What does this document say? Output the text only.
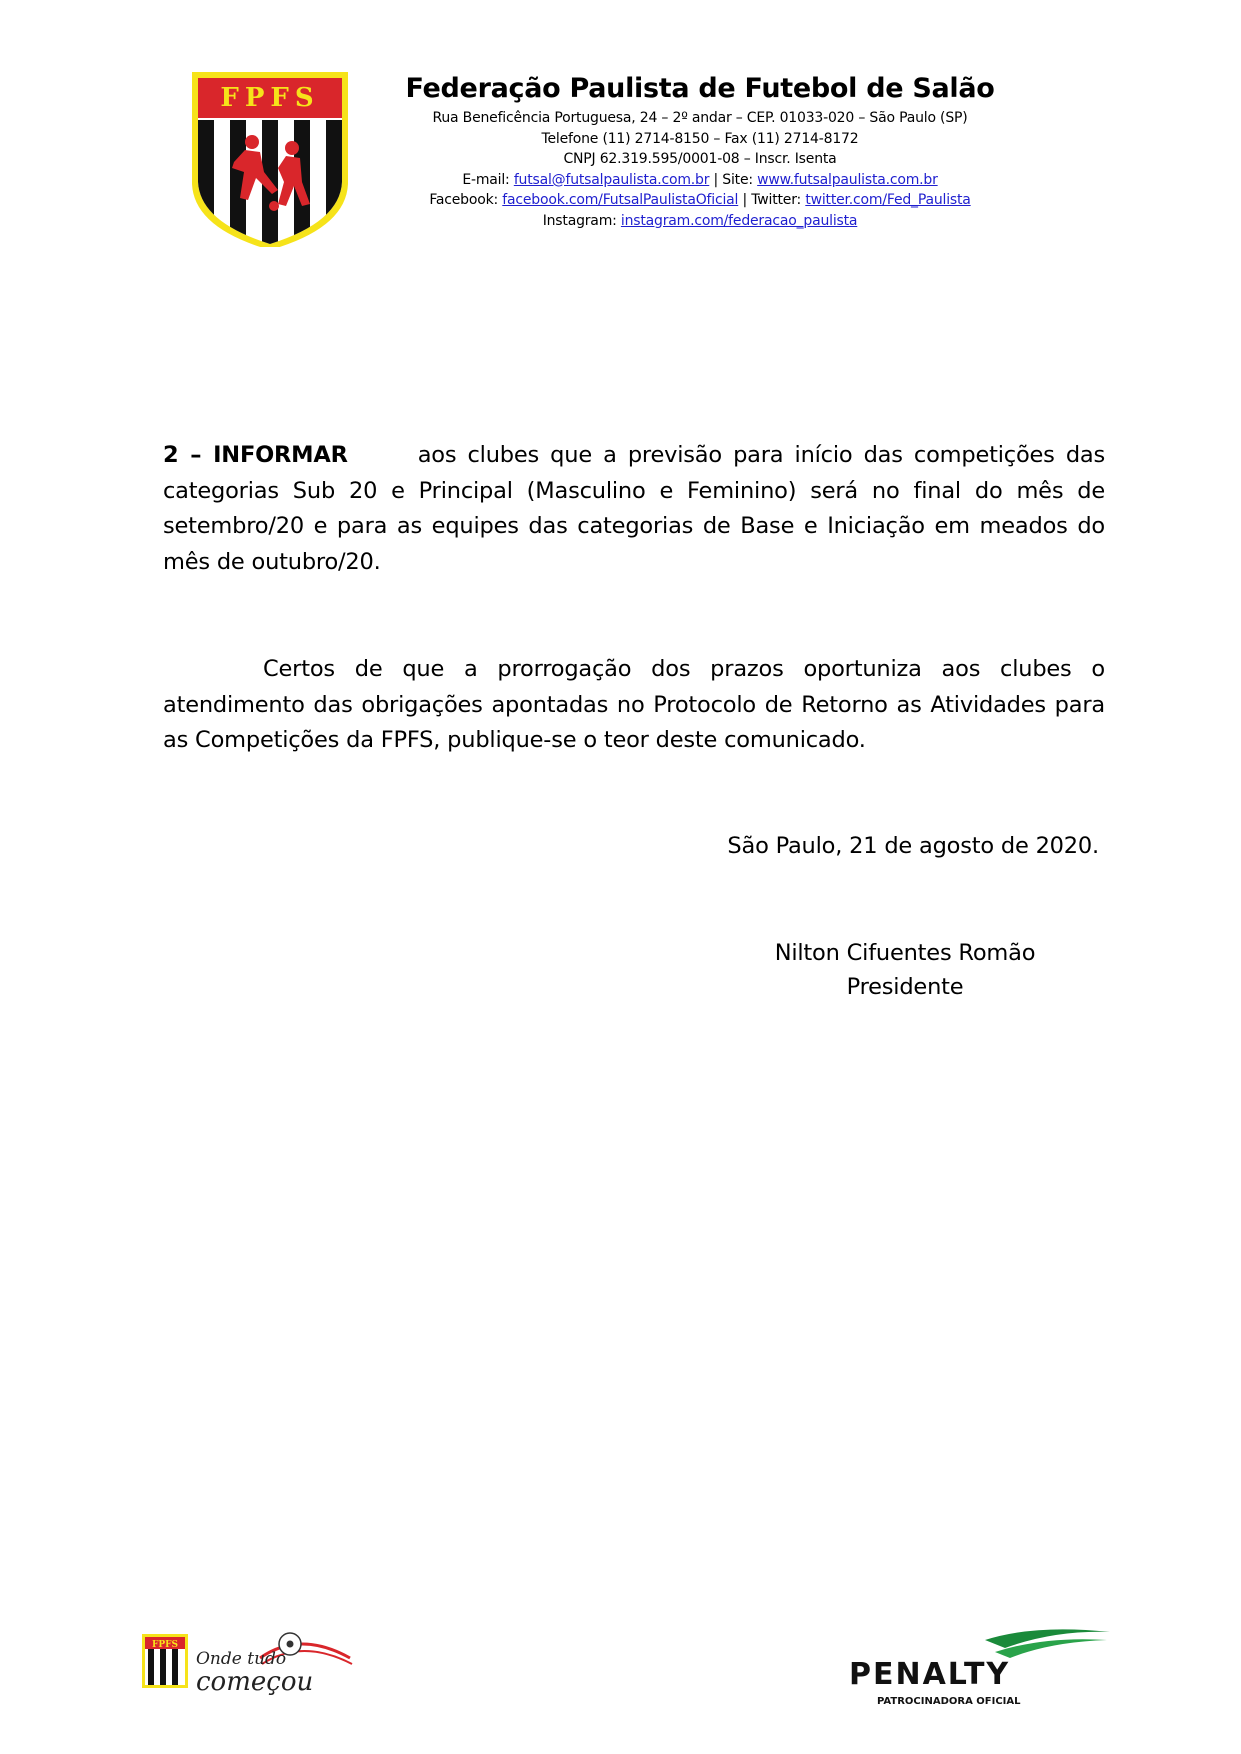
FPFS	Federação Paulista de Futebol de Salão
Rua Beneficência Portuguesa, 24 – 2º andar – CEP. 01033-020 – São Paulo (SP)
Telefone (11) 2714-8150 – Fax (11) 2714-8172
CNPJ 62.319.595/0001-08 – Inscr. Isenta
E-mail: futsal@futsalpaulista.com.br | Site: www.futsalpaulista.com.br
Facebook: facebook.com/FutsalPaulistaOficial | Twitter: twitter.com/Fed_Paulista
Instagram: instagram.com/federacao_paulista
2 – INFORMAR	aos clubes que a previsão para início das competições das categorias Sub 20 e Principal (Masculino e Feminino) será no final do mês de setembro/20 e para as equipes das categorias de Base e Iniciação em meados do mês de outubro/20.
Certos de que a prorrogação dos prazos oportuniza aos clubes o atendimento das obrigações apontadas no Protocolo de Retorno as Atividades para as Competições da FPFS, publique-se o teor deste comunicado.
São Paulo, 21 de agosto de 2020.
Nilton Cifuentes Romão
Presidente
FPFS
Onde tudo
começou	PENALTY
PATROCINADORA OFICIAL
